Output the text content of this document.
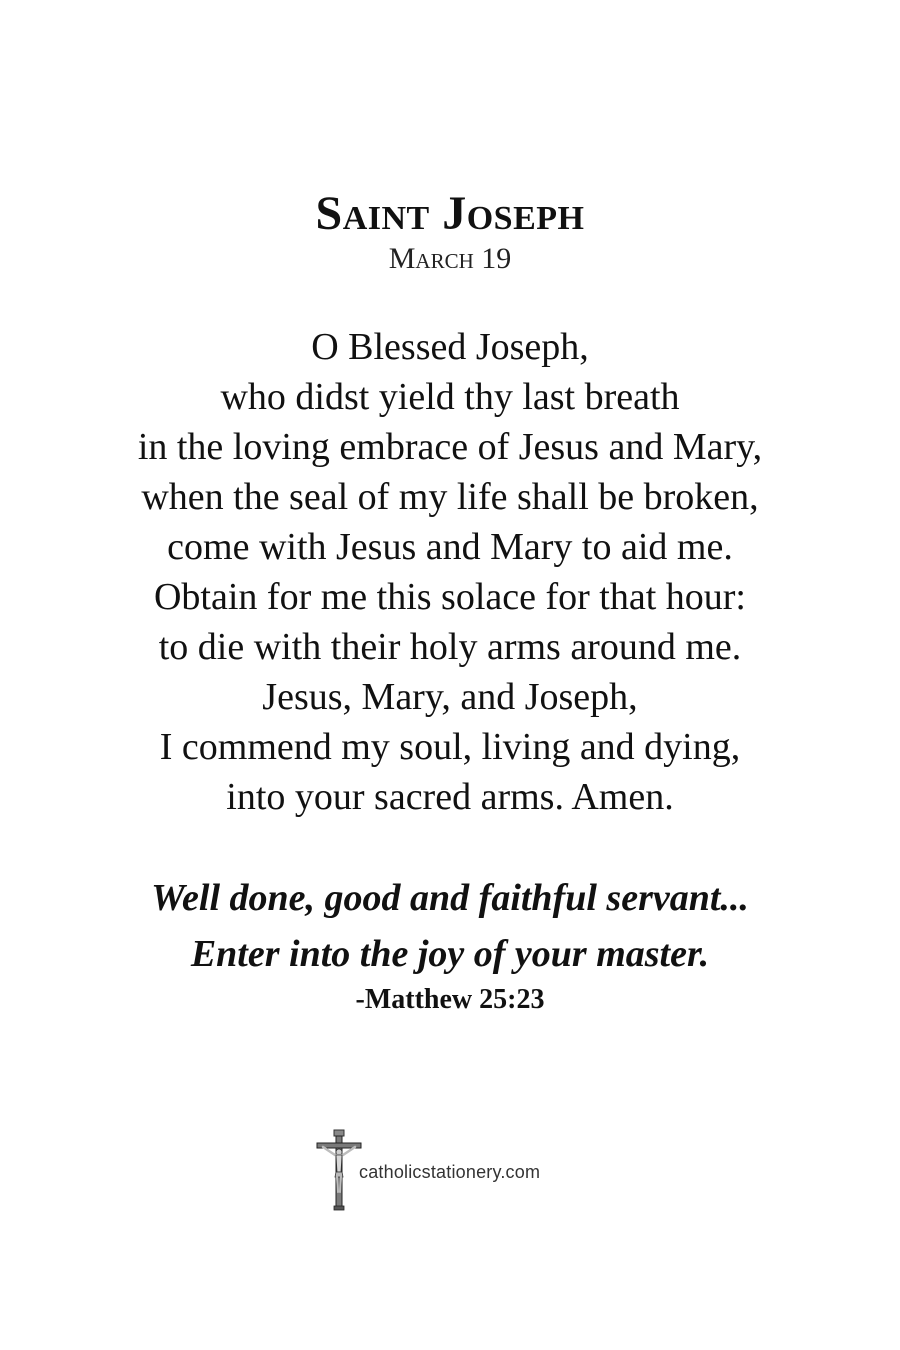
Saint Joseph
March 19
O Blessed Joseph,
who didst yield thy last breath
in the loving embrace of Jesus and Mary,
when the seal of my life shall be broken,
come with Jesus and Mary to aid me.
Obtain for me this solace for that hour:
to die with their holy arms around me.
Jesus, Mary, and Joseph,
I commend my soul, living and dying,
into your sacred arms. Amen.
Well done, good and faithful servant...
Enter into the joy of your master.
-Matthew 25:23
catholicstationery.com
